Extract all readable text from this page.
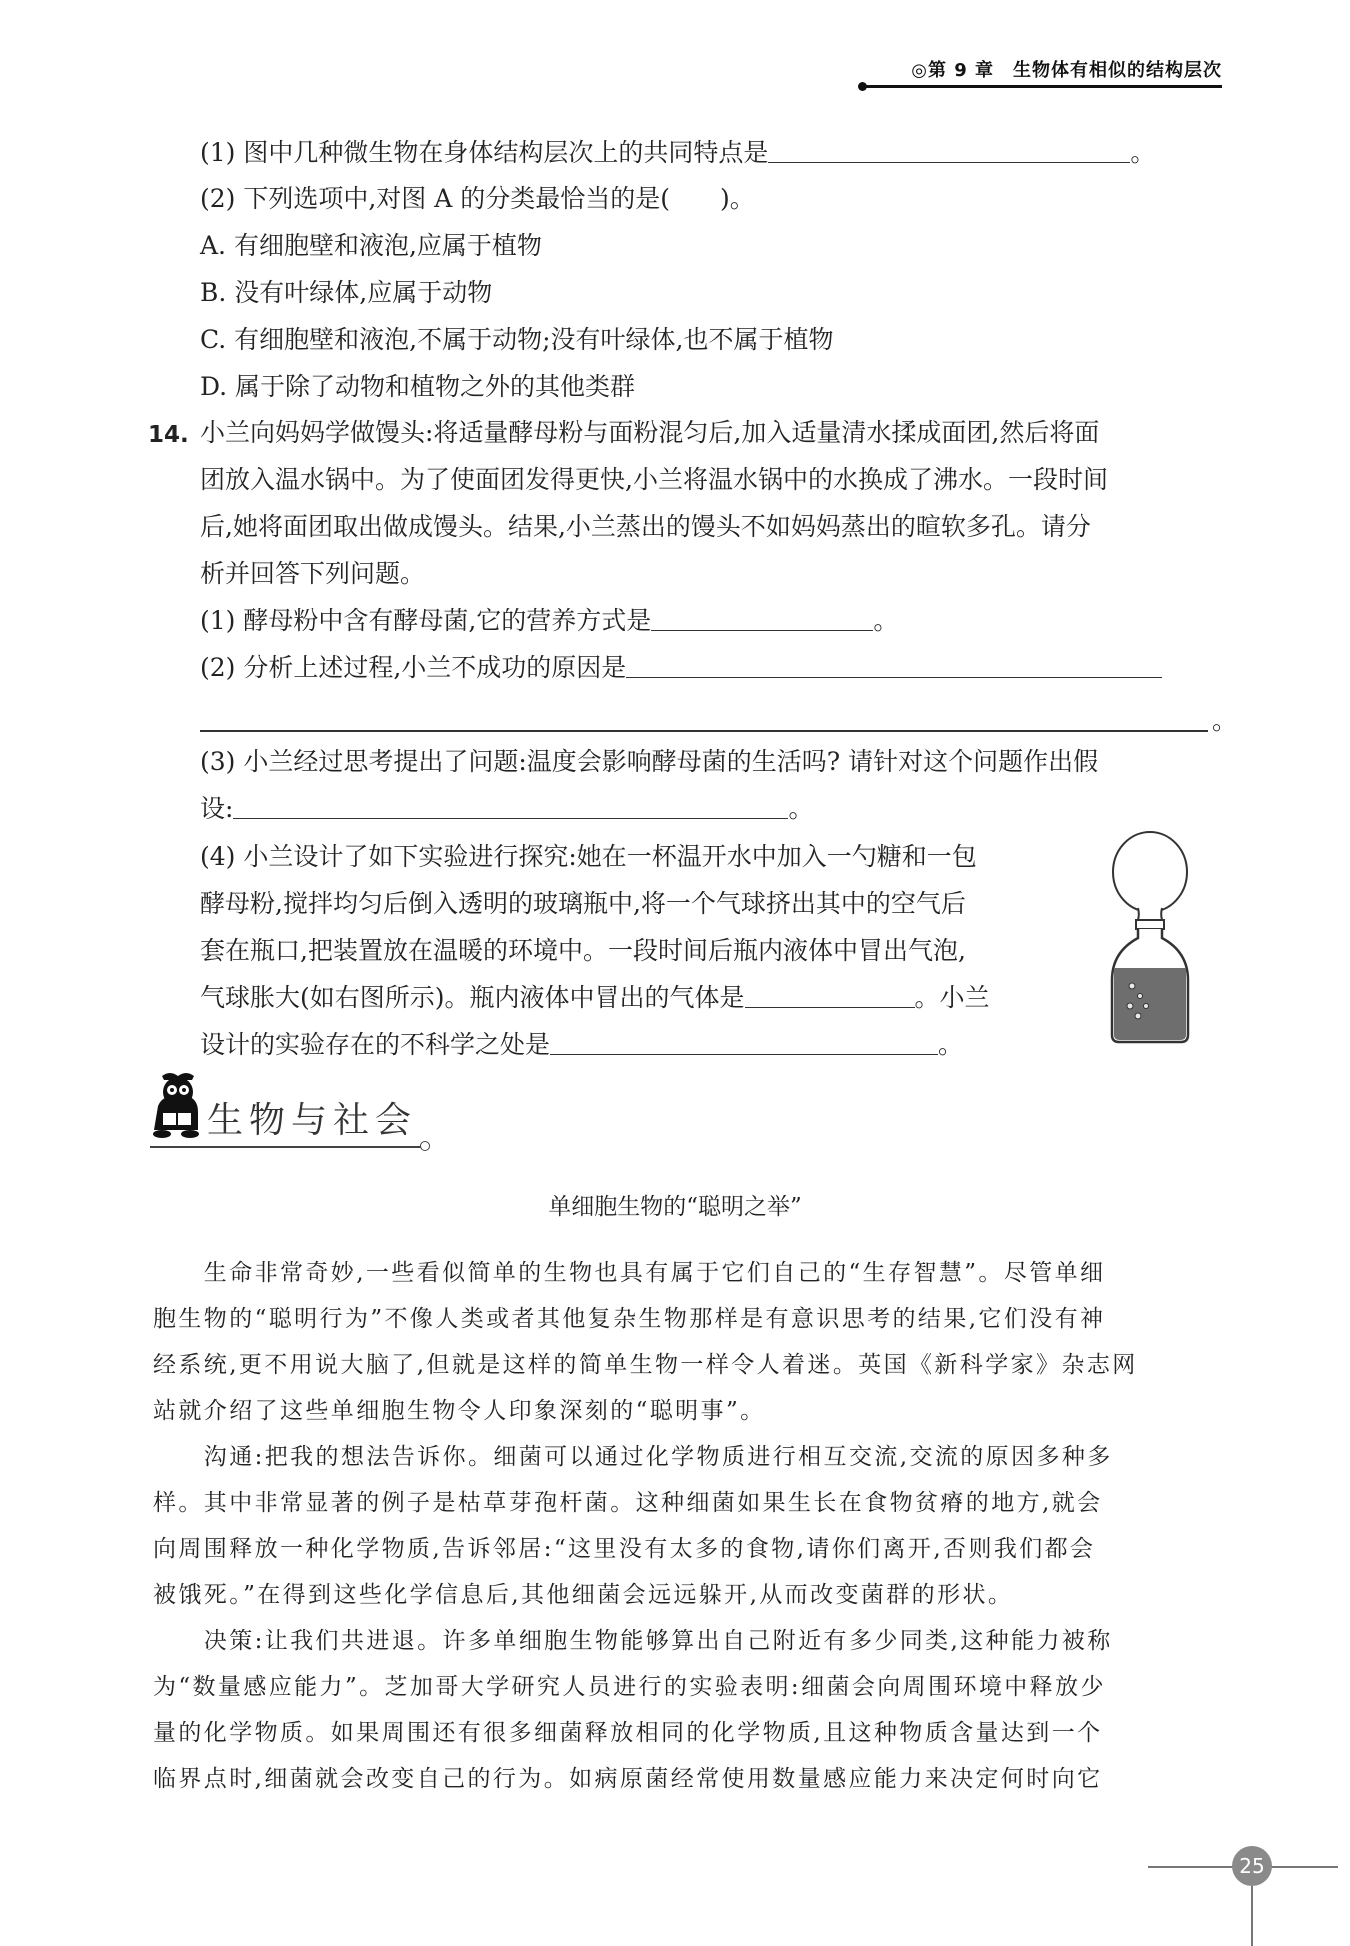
◎第 9 章　生物体有相似的结构层次
(1) 图中几种微生物在身体结构层次上的共同特点是	。
(2) 下列选项中,对图 A 的分类最恰当的是(　　)。
A. 有细胞壁和液泡,应属于植物
B. 没有叶绿体,应属于动物
C. 有细胞壁和液泡,不属于动物;没有叶绿体,也不属于植物
D. 属于除了动物和植物之外的其他类群
14. 小兰向妈妈学做馒头:将适量酵母粉与面粉混匀后,加入适量清水揉成面团,然后将面
团放入温水锅中。为了使面团发得更快,小兰将温水锅中的水换成了沸水。一段时间
后,她将面团取出做成馒头。结果,小兰蒸出的馒头不如妈妈蒸出的暄软多孔。请分
析并回答下列问题。
(1) 酵母粉中含有酵母菌,它的营养方式是	。
(2) 分析上述过程,小兰不成功的原因是
。
(3) 小兰经过思考提出了问题:温度会影响酵母菌的生活吗? 请针对这个问题作出假
设:	。
(4) 小兰设计了如下实验进行探究:她在一杯温开水中加入一勺糖和一包
酵母粉,搅拌均匀后倒入透明的玻璃瓶中,将一个气球挤出其中的空气后
套在瓶口,把装置放在温暖的环境中。一段时间后瓶内液体中冒出气泡,
气球胀大(如右图所示)。瓶内液体中冒出的气体是	。小兰
设计的实验存在的不科学之处是	。
生物与社会
单细胞生物的“聪明之举”
　　生命非常奇妙,一些看似简单的生物也具有属于它们自己的“生存智慧”。尽管单细
胞生物的“聪明行为”不像人类或者其他复杂生物那样是有意识思考的结果,它们没有神
经系统,更不用说大脑了,但就是这样的简单生物一样令人着迷。英国《新科学家》杂志网
站就介绍了这些单细胞生物令人印象深刻的“聪明事”。
　　沟通:把我的想法告诉你。细菌可以通过化学物质进行相互交流,交流的原因多种多
样。其中非常显著的例子是枯草芽孢杆菌。这种细菌如果生长在食物贫瘠的地方,就会
向周围释放一种化学物质,告诉邻居:“这里没有太多的食物,请你们离开,否则我们都会
被饿死。”在得到这些化学信息后,其他细菌会远远躲开,从而改变菌群的形状。
　　决策:让我们共进退。许多单细胞生物能够算出自己附近有多少同类,这种能力被称
为“数量感应能力”。芝加哥大学研究人员进行的实验表明:细菌会向周围环境中释放少
量的化学物质。如果周围还有很多细菌释放相同的化学物质,且这种物质含量达到一个
临界点时,细菌就会改变自己的行为。如病原菌经常使用数量感应能力来决定何时向它
25
